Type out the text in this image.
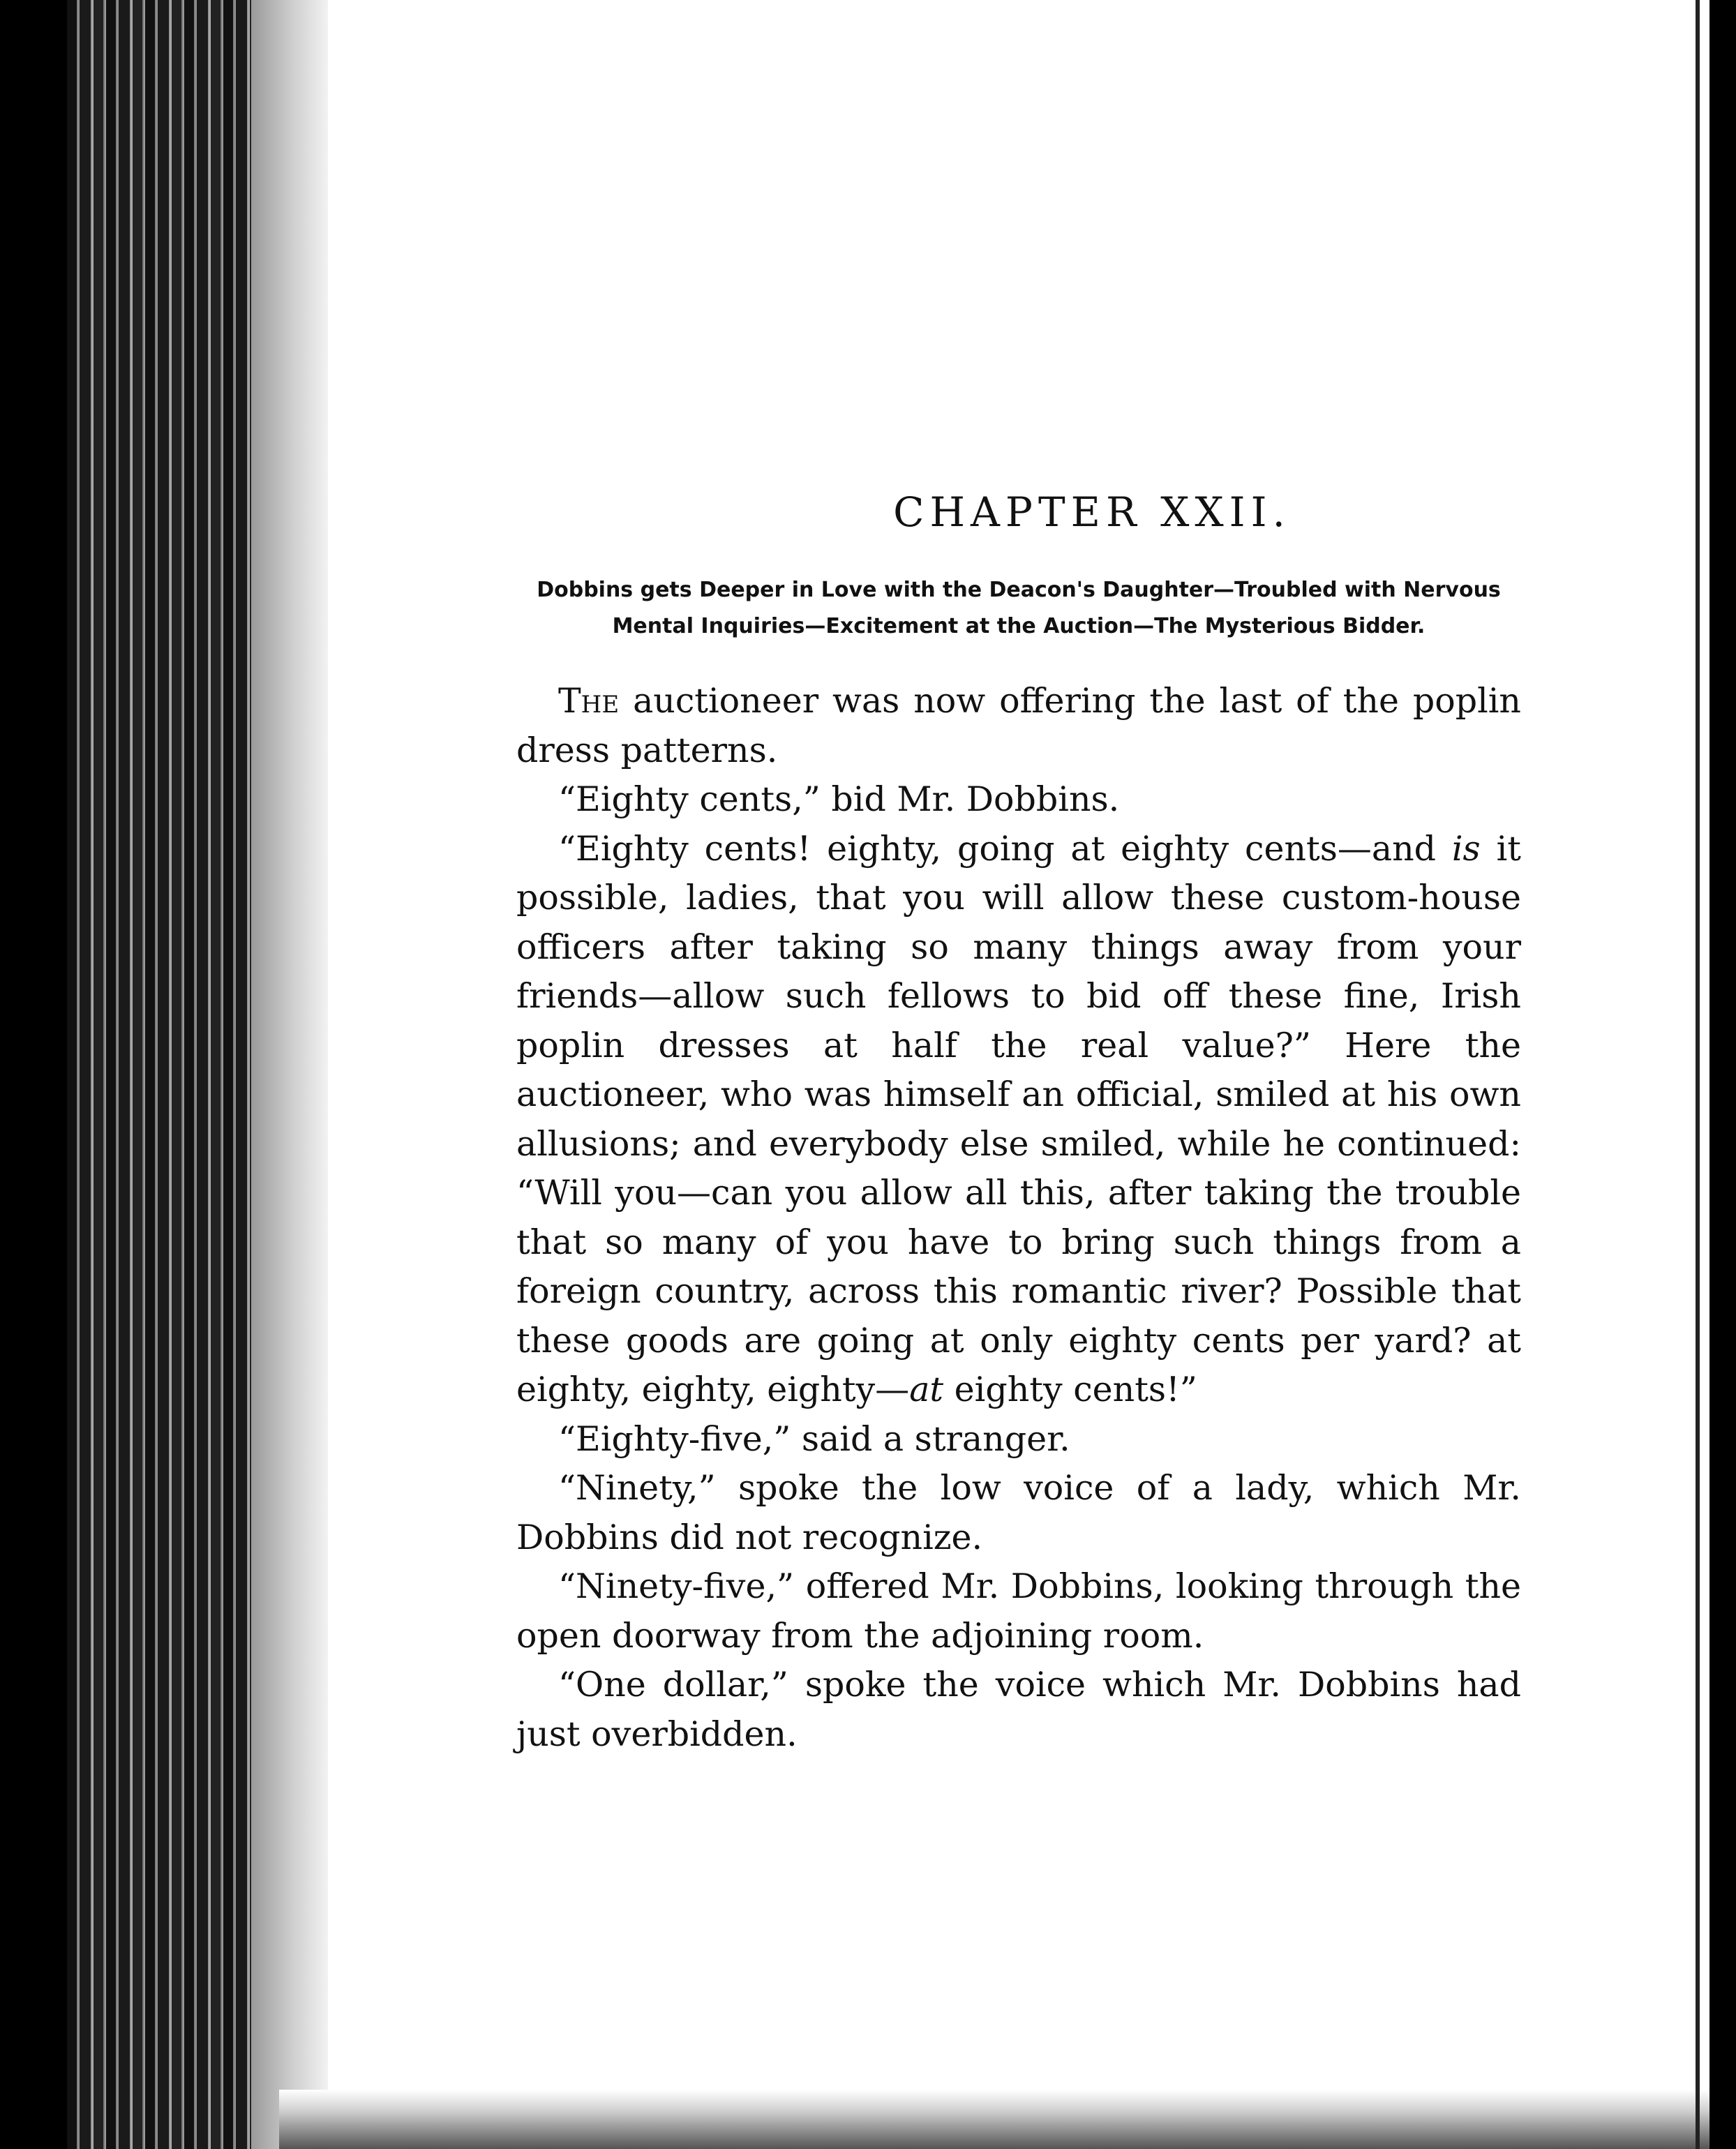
CHAPTER XXII.
Dobbins gets Deeper in Love with the Deacon's Daughter—Troubled with Nervous
Mental Inquiries—Excitement at the Auction—The Mysterious Bidder.

The auctioneer was now offering the last of the poplin dress patterns.

“Eighty cents,” bid Mr. Dobbins.

“Eighty cents! eighty, going at eighty cents—and is it possible, ladies, that you will allow these custom-house officers after taking so many things away from your friends—allow such fellows to bid off these fine, Irish poplin dresses at half the real value?” Here the auctioneer, who was himself an official, smiled at his own allusions; and everybody else smiled, while he continued: “Will you—can you allow all this, after taking the trouble that so many of you have to bring such things from a foreign country, across this romantic river? Possible that these goods are going at only eighty cents per yard? at eighty, eighty, eighty—at eighty cents!”

“Eighty-five,” said a stranger.

“Ninety,” spoke the low voice of a lady, which Mr. Dobbins did not recognize.

“Ninety-five,” offered Mr. Dobbins, looking through the open doorway from the adjoining room.

“One dollar,” spoke the voice which Mr. Dobbins had just overbidden.
